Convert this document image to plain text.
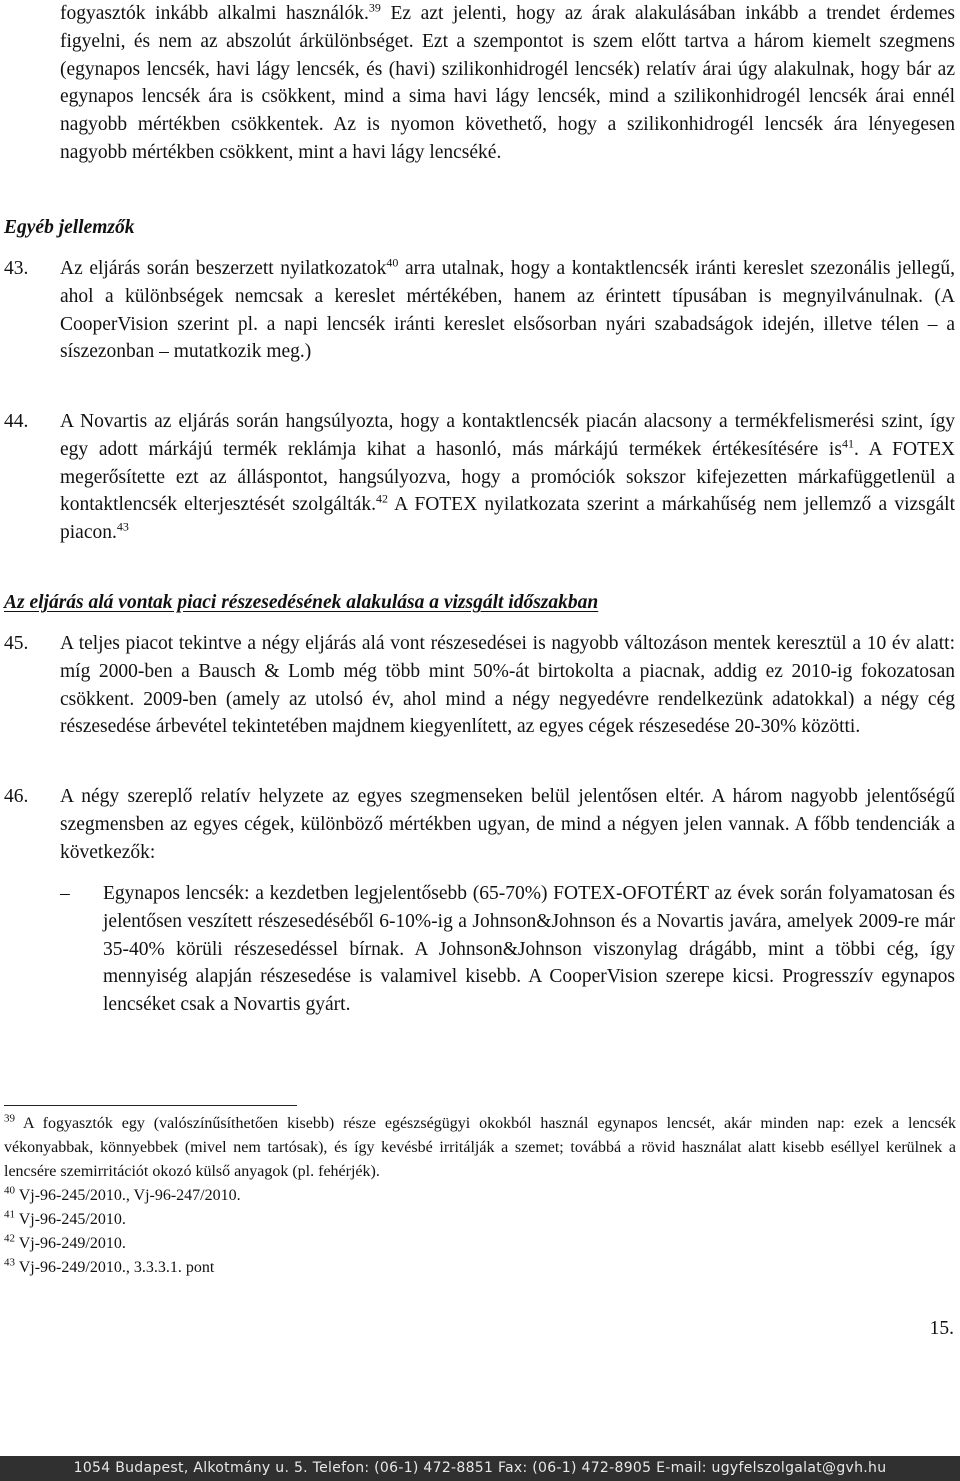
fogyasztók inkább alkalmi használók.$^{39}$ Ez azt jelenti, hogy az árak alakulásában inkább a trendet érdemes figyelni, és nem az abszolút árkülönbséget. Ezt a szempontot is szem előtt tartva a három kiemelt szegmens (egynapos lencsék, havi lágy lencsék, és (havi) szilikonhidrogél lencsék) relatív árai úgy alakulnak, hogy bár az egynapos lencsék ára is csökkent, mind a sima havi lágy lencsék, mind a szilikonhidrogél lencsék árai ennél nagyobb mértékben csökkentek. Az is nyomon követhető, hogy a szilikonhidrogél lencsék ára lényegesen nagyobb mértékben csökkent, mint a havi lágy lencséké.

Egyéb jellemzők

43. Az eljárás során beszerzett nyilatkozatok$^{40}$ arra utalnak, hogy a kontaktlencsék iránti kereslet szezonális jellegű, ahol a különbségek nemcsak a kereslet mértékében, hanem az érintett típusában is megnyilvánulnak. (A CooperVision szerint pl. a napi lencsék iránti kereslet elsősorban nyári szabadságok idején, illetve télen – a síszezonban – mutatkozik meg.)

44. A Novartis az eljárás során hangsúlyozta, hogy a kontaktlencsék piacán alacsony a termékfelismerési szint, így egy adott márkájú termék reklámja kihat a hasonló, más márkájú termékek értékesítésére $is^{41}$. A FOTEX megerősítette ezt az álláspontot, hangsúlyozva, hogy a promóciók sokszor kifejezetten márkafüggetlenül a kontaktlencsék elterjesztését szolgálták.$^{42}$ A FOTEX nyilatkozata szerint a márkahűség nem jellemző a vizsgált piacon.$^{43}$

Az eljárás alá vontak piaci részesedésének alakulása a vizsgált időszakban

45. A teljes piacot tekintve a négy eljárás alá vont részesedései is nagyobb változáson mentek keresztül a 10 év alatt: míg 2000-ben a Bausch & Lomb még több mint 50%-át birtokolta a piacnak, addig ez 2010-ig fokozatosan csökkent. 2009-ben (amely az utolsó év, ahol mind a négy negyedévre rendelkezünk adatokkal) a négy cég részesedése árbevétel tekintetében majdnem kiegyenlített, az egyes cégek részesedése 20-30% közötti.

46. A négy szereplő relatív helyzete az egyes szegmenseken belül jelentősen eltér. A három nagyobb jelentőségű szegmensben az egyes cégek, különböző mértékben ugyan, de mind a négyen jelen vannak. A főbb tendenciák a következők:

– Egynapos lencsék: a kezdetben legjelentősebb (65-70%) FOTEX-OFOTÉRT az évek során folyamatosan és jelentősen veszített részesedéséből 6-10%-ig a Johnson&Johnson és a Novartis javára, amelyek 2009-re már 35-40% körüli részesedéssel bírnak. A Johnson&Johnson viszonylag drágább, mint a többi cég, így mennyiség alapján részesedése is valamivel kisebb. A CooperVision szerepe kicsi. Progresszív egynapos lencséket csak a Novartis gyárt.

$^{39}$ A fogyasztók egy (valószínűsíthetően kisebb) része egészségügyi okokból használ egynapos lencsét, akár minden nap: ezek a lencsék vékonyabbak, könnyebbek (mivel nem tartósak), és így kevésbé irritálják a szemet; továbbá a rövid használat alatt kisebb eséllyel kerülnek a lencsére szemirritációt okozó külső anyagok (pl. fehérjék).

$^{40}$ Vj-96-245/2010., Vj-96-247/2010.

$^{41}$ Vj-96-245/2010.

$^{42}$ Vj-96-249/2010.

$^{43}$ Vj-96-249/2010., 3.3.3.1. pont

15.
1054 Budapest, Alkotmány u. 5. Telefon: (06-1) 472-8851 Fax: (06-1) 472-8905 E-mail: ugyfelszolgalat@gvh.hu
